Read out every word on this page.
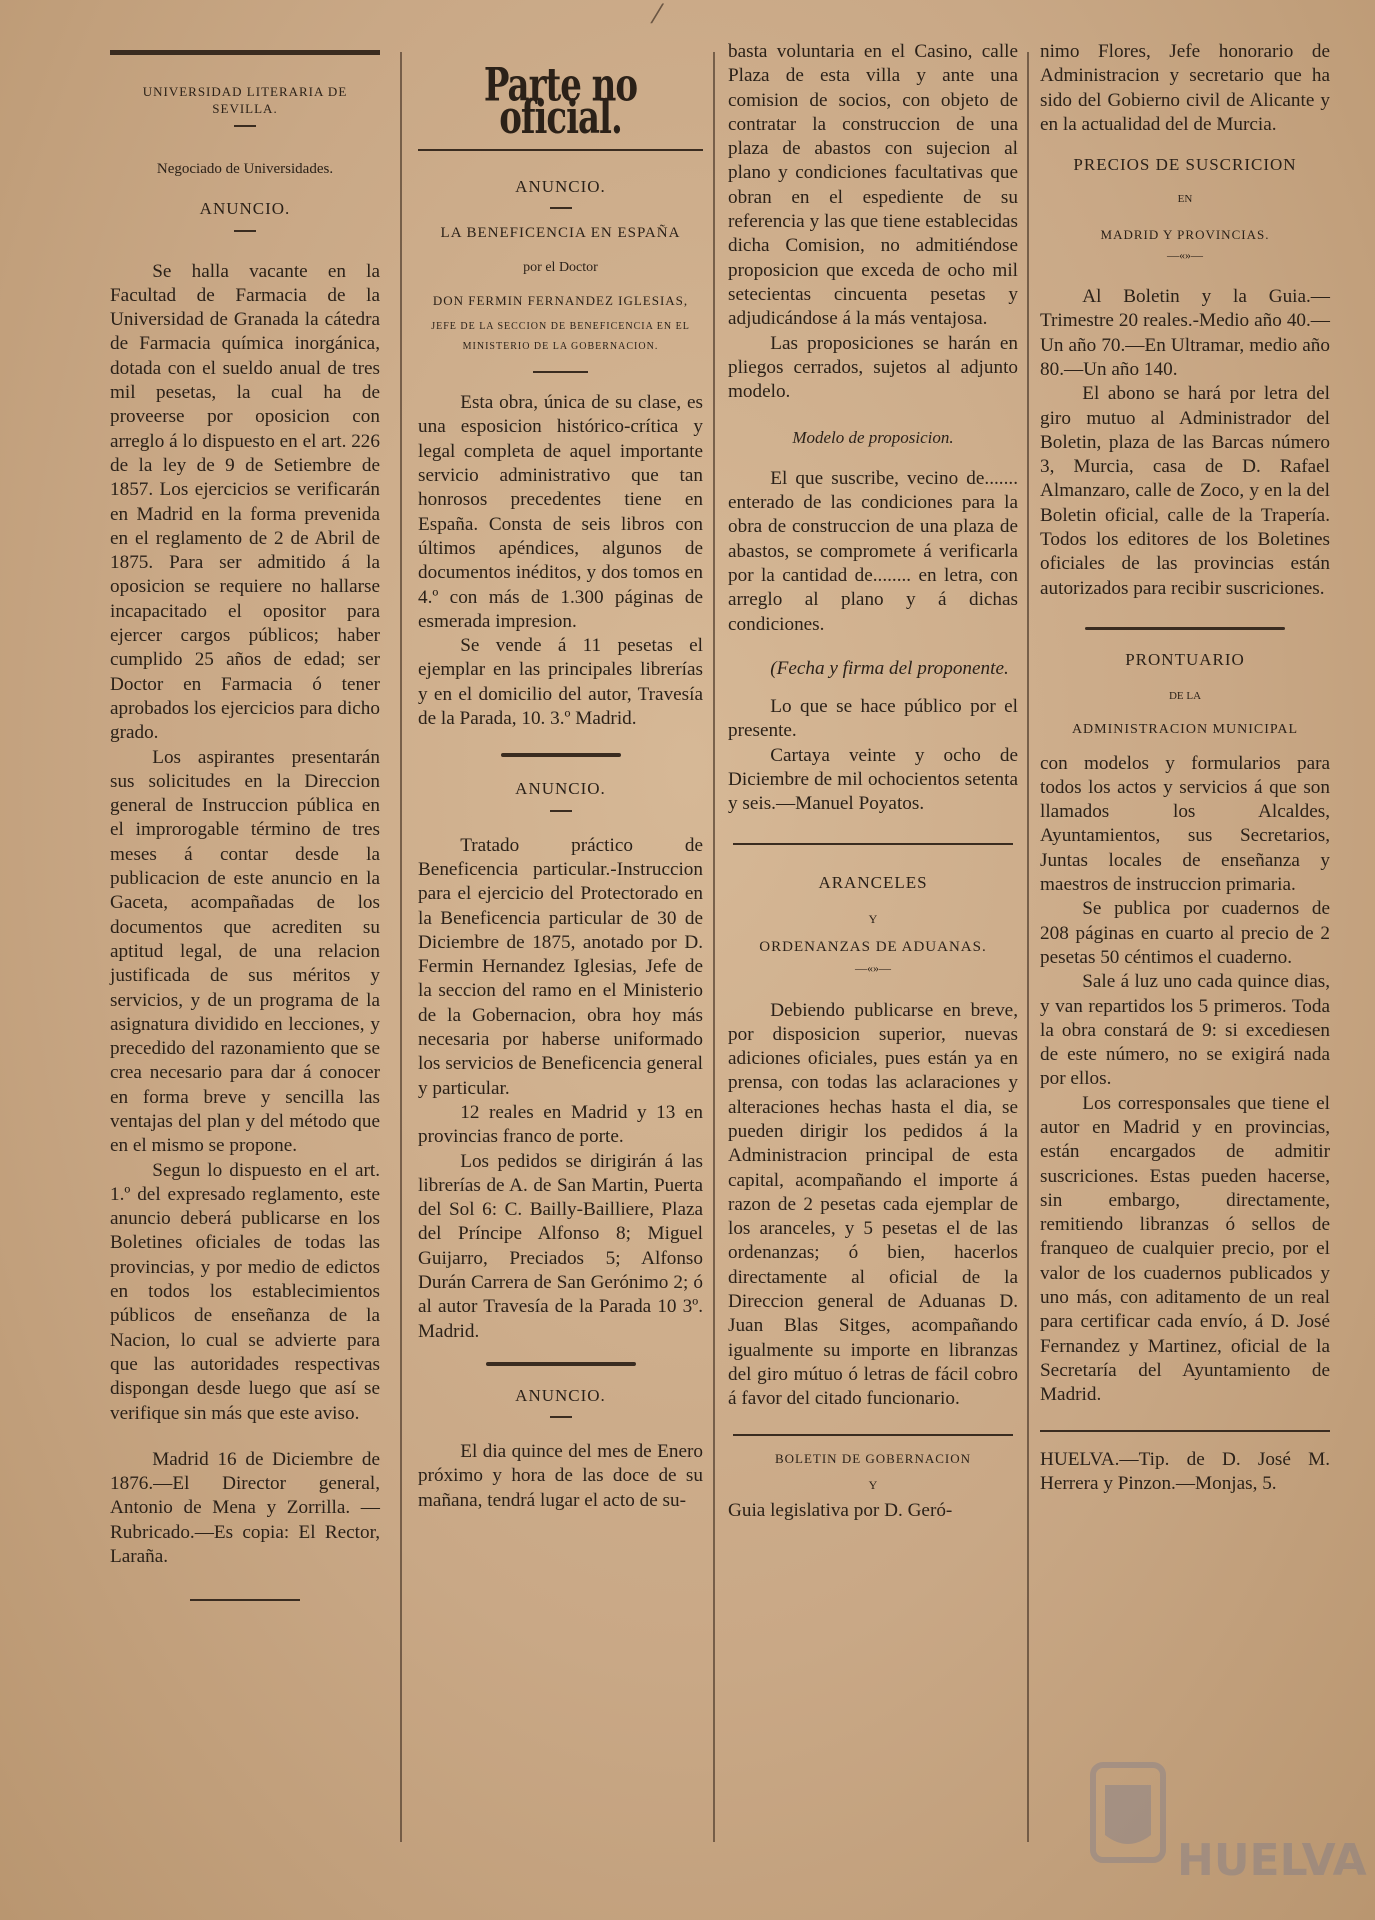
⁄
UNIVERSIDAD LITERARIA DE
SEVILLA.
Negociado de Universidades.
ANUNCIO.

Se halla vacante en la Facultad de Farmacia de la Universidad de Granada la cátedra de Farmacia química inorgánica, dotada con el sueldo anual de tres mil pesetas, la cual ha de proveerse por oposicion con arreglo á lo dispuesto en el art. 226 de la ley de 9 de Setiembre de 1857. Los ejercicios se verificarán en Madrid en la forma prevenida en el reglamento de 2 de Abril de 1875. Para ser admitido á la oposicion se requiere no hallarse incapacitado el opositor para ejercer cargos públicos; haber cumplido 25 años de edad; ser Doctor en Farmacia ó tener aprobados los ejercicios para dicho grado.

Los aspirantes presentarán sus solicitudes en la Direccion general de Instruccion pública en el improrogable término de tres meses á contar desde la publicacion de este anuncio en la Gaceta, acompañadas de los documentos que acrediten su aptitud legal, de una relacion justificada de sus méritos y servicios, y de un programa de la asignatura dividido en lecciones, y precedido del razonamiento que se crea necesario para dar á conocer en forma breve y sencilla las ventajas del plan y del método que en el mismo se propone.

Segun lo dispuesto en el art. 1.º del expresado reglamento, este anuncio deberá publicarse en los Boletines oficiales de todas las provincias, y por medio de edictos en todos los establecimientos públicos de enseñanza de la Nacion, lo cual se advierte para que las autoridades respectivas dispongan desde luego que así se verifique sin más que este aviso.

Madrid 16 de Diciembre de 1876.—El Director general, Antonio de Mena y Zorrilla. —Rubricado.—Es copia: El Rector, Laraña.

Parte no oficial.
ANUNCIO.
LA BENEFICENCIA EN ESPAÑA
por el Doctor
DON FERMIN FERNANDEZ IGLESIAS,
JEFE DE LA SECCION DE BENEFICENCIA EN EL MINISTERIO DE LA GOBERNACION.

Esta obra, única de su clase, es una esposicion histórico-crítica y legal completa de aquel importante servicio administrativo que tan honrosos precedentes tiene en España. Consta de seis libros con últimos apéndices, algunos de documentos inéditos, y dos tomos en 4.º con más de 1.300 páginas de esmerada impresion.

Se vende á 11 pesetas el ejemplar en las principales librerías y en el domicilio del autor, Travesía de la Parada, 10. 3.º Madrid.

ANUNCIO.

Tratado práctico de Beneficencia particular.-Instruccion para el ejercicio del Protectorado en la Beneficencia particular de 30 de Diciembre de 1875, anotado por D. Fermin Hernandez Iglesias, Jefe de la seccion del ramo en el Ministerio de la Gobernacion, obra hoy más necesaria por haberse uniformado los servicios de Beneficencia general y particular.

12 reales en Madrid y 13 en provincias franco de porte.

Los pedidos se dirigirán á las librerías de A. de San Martin, Puerta del Sol 6: C. Bailly-Bailliere, Plaza del Príncipe Alfonso 8; Miguel Guijarro, Preciados 5; Alfonso Durán Carrera de San Gerónimo 2; ó al autor Travesía de la Parada 10 3º. Madrid.

ANUNCIO.

El dia quince del mes de Enero próximo y hora de las doce de su mañana, tendrá lugar el acto de su-

basta voluntaria en el Casino, calle Plaza de esta villa y ante una comision de socios, con objeto de contratar la construccion de una plaza de abastos con sujecion al plano y condiciones facultativas que obran en el espediente de su referencia y las que tiene establecidas dicha Comision, no admitiéndose proposicion que exceda de ocho mil setecientas cincuenta pesetas y adjudicándose á la más ventajosa.

Las proposiciones se harán en pliegos cerrados, sujetos al adjunto modelo.

Modelo de proposicion.

El que suscribe, vecino de....... enterado de las condiciones para la obra de construccion de una plaza de abastos, se compromete á verificarla por la cantidad de........ en letra, con arreglo al plano y á dichas condiciones.

(Fecha y firma del proponente.

Lo que se hace público por el presente.

Cartaya veinte y ocho de Diciembre de mil ochocientos setenta y seis.—Manuel Poyatos.

ARANCELES
Y
ORDENANZAS DE ADUANAS.
—«»—

Debiendo publicarse en breve, por disposicion superior, nuevas adiciones oficiales, pues están ya en prensa, con todas las aclaraciones y alteraciones hechas hasta el dia, se pueden dirigir los pedidos á la Administracion principal de esta capital, acompañando el importe á razon de 2 pesetas cada ejemplar de los aranceles, y 5 pesetas el de las ordenanzas; ó bien, hacerlos directamente al oficial de la Direccion general de Aduanas D. Juan Blas Sitges, acompañando igualmente su importe en libranzas del giro mútuo ó letras de fácil cobro á favor del citado funcionario.

BOLETIN DE GOBERNACION
Y

Guia legislativa por D. Geró-

nimo Flores, Jefe honorario de Administracion y secretario que ha sido del Gobierno civil de Alicante y en la actualidad del de Murcia.

PRECIOS DE SUSCRICION
EN
MADRID Y PROVINCIAS.
—«»—

Al Boletin y la Guia.—Trimestre 20 reales.-Medio año 40.—Un año 70.—En Ultramar, medio año 80.—Un año 140.

El abono se hará por letra del giro mutuo al Administrador del Boletin, plaza de las Barcas número 3, Murcia, casa de D. Rafael Almanzaro, calle de Zoco, y en la del Boletin oficial, calle de la Trapería. Todos los editores de los Boletines oficiales de las provincias están autorizados para recibir suscriciones.

PRONTUARIO
DE LA
ADMINISTRACION MUNICIPAL

con modelos y formularios para todos los actos y servicios á que son llamados los Alcaldes, Ayuntamientos, sus Secretarios, Juntas locales de enseñanza y maestros de instruccion primaria.

Se publica por cuadernos de 208 páginas en cuarto al precio de 2 pesetas 50 céntimos el cuaderno.

Sale á luz uno cada quince dias, y van repartidos los 5 primeros. Toda la obra constará de 9: si excediesen de este número, no se exigirá nada por ellos.

Los corresponsales que tiene el autor en Madrid y en provincias, están encargados de admitir suscriciones. Estas pueden hacerse, sin embargo, directamente, remitiendo libranzas ó sellos de franqueo de cualquier precio, por el valor de los cuadernos publicados y uno más, con aditamento de un real para certificar cada envío, á D. José Fernandez y Martinez, oficial de la Secretaría del Ayuntamiento de Madrid.

HUELVA.—Tip. de D. José M. Herrera y Pinzon.—Monjas, 5.

HUELVA
